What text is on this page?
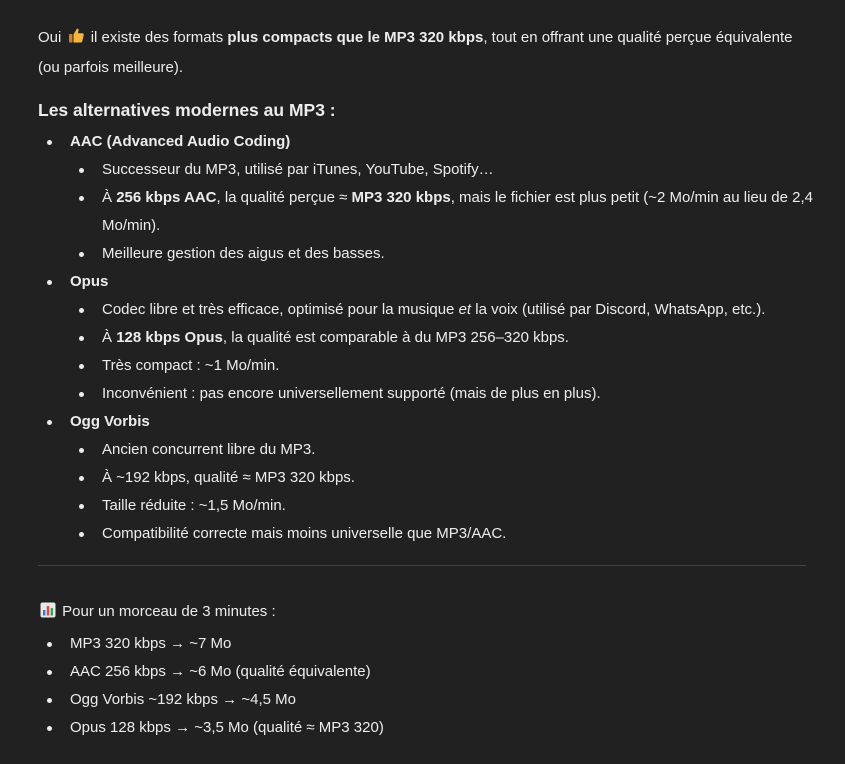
Oui il existe des formats plus compacts que le MP3 320 kbps, tout en offrant une qualité perçue équivalente (ou parfois meilleure).

Les alternatives modernes au MP3 :
AAC (Advanced Audio Coding)
Successeur du MP3, utilisé par iTunes, YouTube, Spotify…
À 256 kbps AAC, la qualité perçue ≈ MP3 320 kbps, mais le fichier est plus petit (~2 Mo/min au lieu de 2,4 Mo/min).
Meilleure gestion des aigus et des basses.
Opus
Codec libre et très efficace, optimisé pour la musique et la voix (utilisé par Discord, WhatsApp, etc.).
À 128 kbps Opus, la qualité est comparable à du MP3 256–320 kbps.
Très compact : ~1 Mo/min.
Inconvénient : pas encore universellement supporté (mais de plus en plus).
Ogg Vorbis
Ancien concurrent libre du MP3.
À ~192 kbps, qualité ≈ MP3 320 kbps.
Taille réduite : ~1,5 Mo/min.
Compatibilité correcte mais moins universelle que MP3/AAC.

Pour un morceau de 3 minutes :

MP3 320 kbps → ~7 Mo
AAC 256 kbps → ~6 Mo (qualité équivalente)
Ogg Vorbis ~192 kbps → ~4,5 Mo
Opus 128 kbps → ~3,5 Mo (qualité ≈ MP3 320)
